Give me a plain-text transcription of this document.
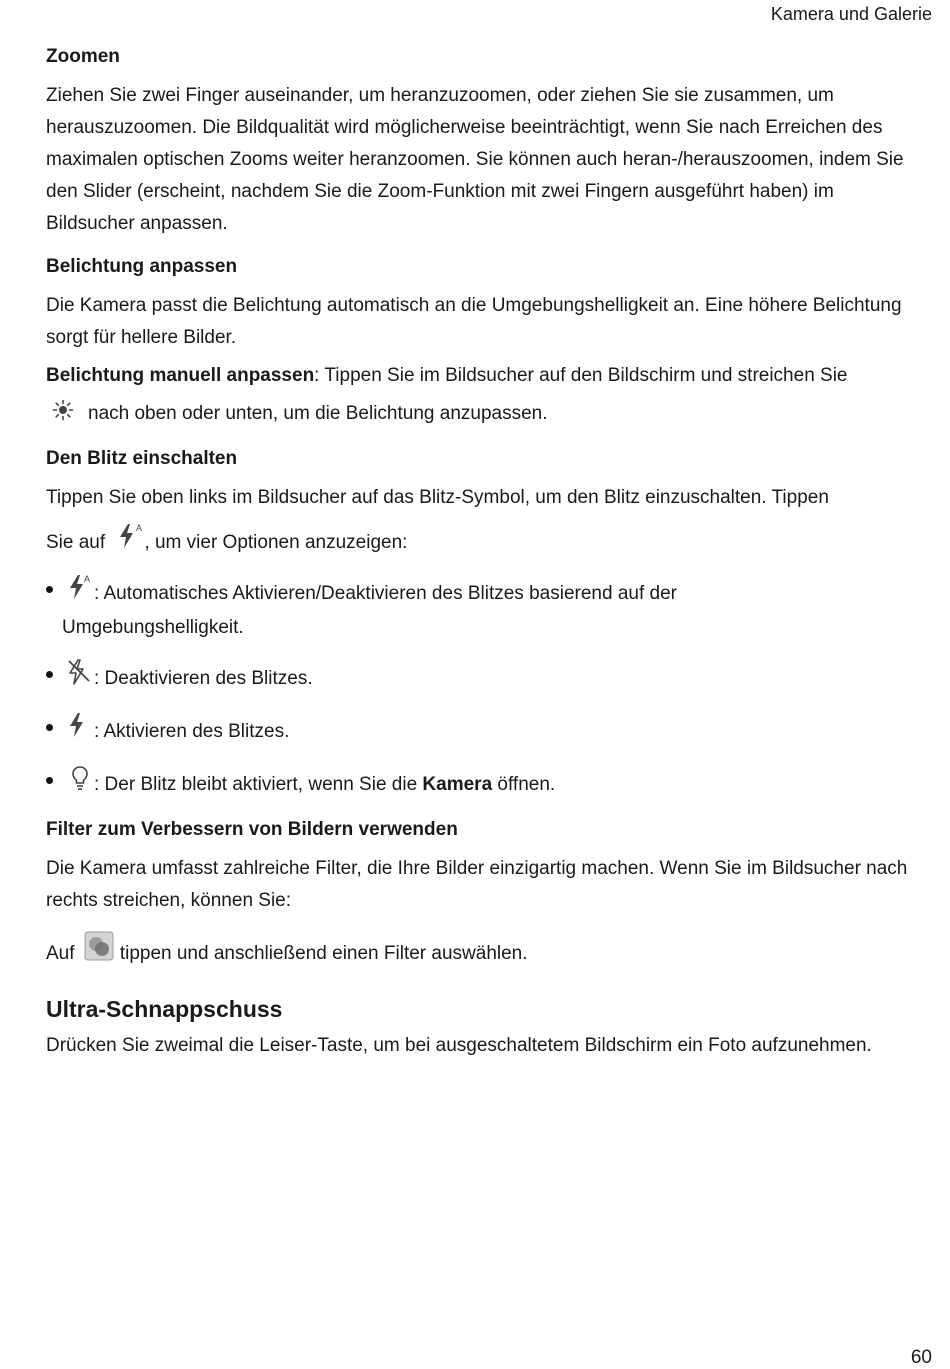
Kamera und Galerie
Zoomen

Ziehen Sie zwei Finger auseinander, um heranzuzoomen, oder ziehen Sie sie zusammen, um herauszuzoomen. Die Bildqualität wird möglicherweise beeinträchtigt, wenn Sie nach Erreichen des maximalen optischen Zooms weiter heranzoomen. Sie können auch heran-/herauszoomen, indem Sie den Slider (erscheint, nachdem Sie die Zoom-Funktion mit zwei Fingern ausgeführt haben) im Bildsucher anpassen.

Belichtung anpassen

Die Kamera passt die Belichtung automatisch an die Umgebungshelligkeit an. Eine höhere Belichtung sorgt für hellere Bilder.

Belichtung manuell anpassen: Tippen Sie im Bildsucher auf den Bildschirm und streichen Sie

nach oben oder unten, um die Belichtung anzupassen.
Den Blitz einschalten

Tippen Sie oben links im Bildsucher auf das Blitz-Symbol, um den Blitz einzuschalten. Tippen

Sie auf
A
, um vier Optionen anzuzeigen:
A
: Automatisches Aktivieren/Deaktivieren des Blitzes basierend auf der
Umgebungshelligkeit.
: Deaktivieren des Blitzes.
: Aktivieren des Blitzes.
: Der Blitz bleibt aktiviert, wenn Sie die Kamera öffnen.
Filter zum Verbessern von Bildern verwenden

Die Kamera umfasst zahlreiche Filter, die Ihre Bilder einzigartig machen. Wenn Sie im Bildsucher nach rechts streichen, können Sie:

Auf tippen und anschließend einen Filter auswählen.
Ultra-Schnappschuss

Drücken Sie zweimal die Leiser-Taste, um bei ausgeschaltetem Bildschirm ein Foto aufzunehmen.

60
